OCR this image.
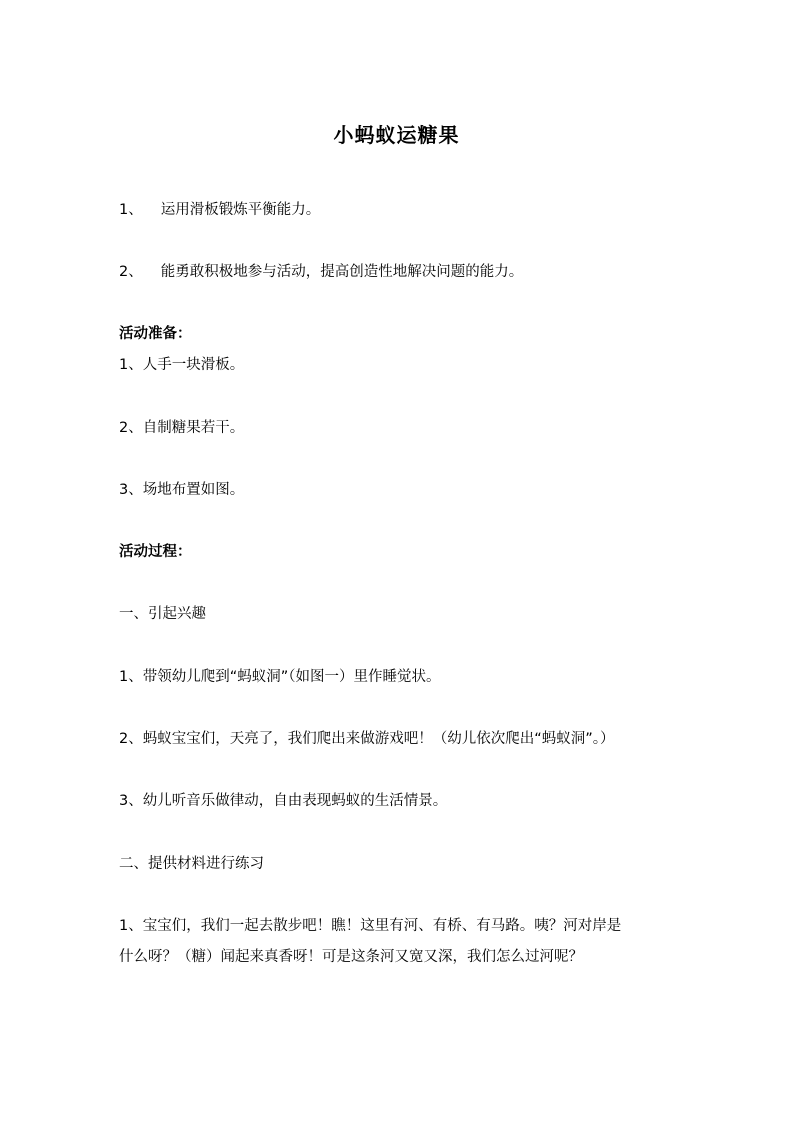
小蚂蚁运糖果
1、 运用滑板锻炼平衡能力。
2、 能勇敢积极地参与活动，提高创造性地解决问题的能力。
活动准备：
1、人手一块滑板。
2、自制糖果若干。
3、场地布置如图。
活动过程：
一、引起兴趣
1、带领幼儿爬到“蚂蚁洞”（如图一）里作睡觉状。
2、蚂蚁宝宝们，天亮了，我们爬出来做游戏吧！（幼儿依次爬出“蚂蚁洞”。）
3、幼儿听音乐做律动，自由表现蚂蚁的生活情景。
二、提供材料进行练习
1、宝宝们，我们一起去散步吧！瞧！这里有河、有桥、有马路。咦？河对岸是
什么呀？（糖）闻起来真香呀！可是这条河又宽又深，我们怎么过河呢？
